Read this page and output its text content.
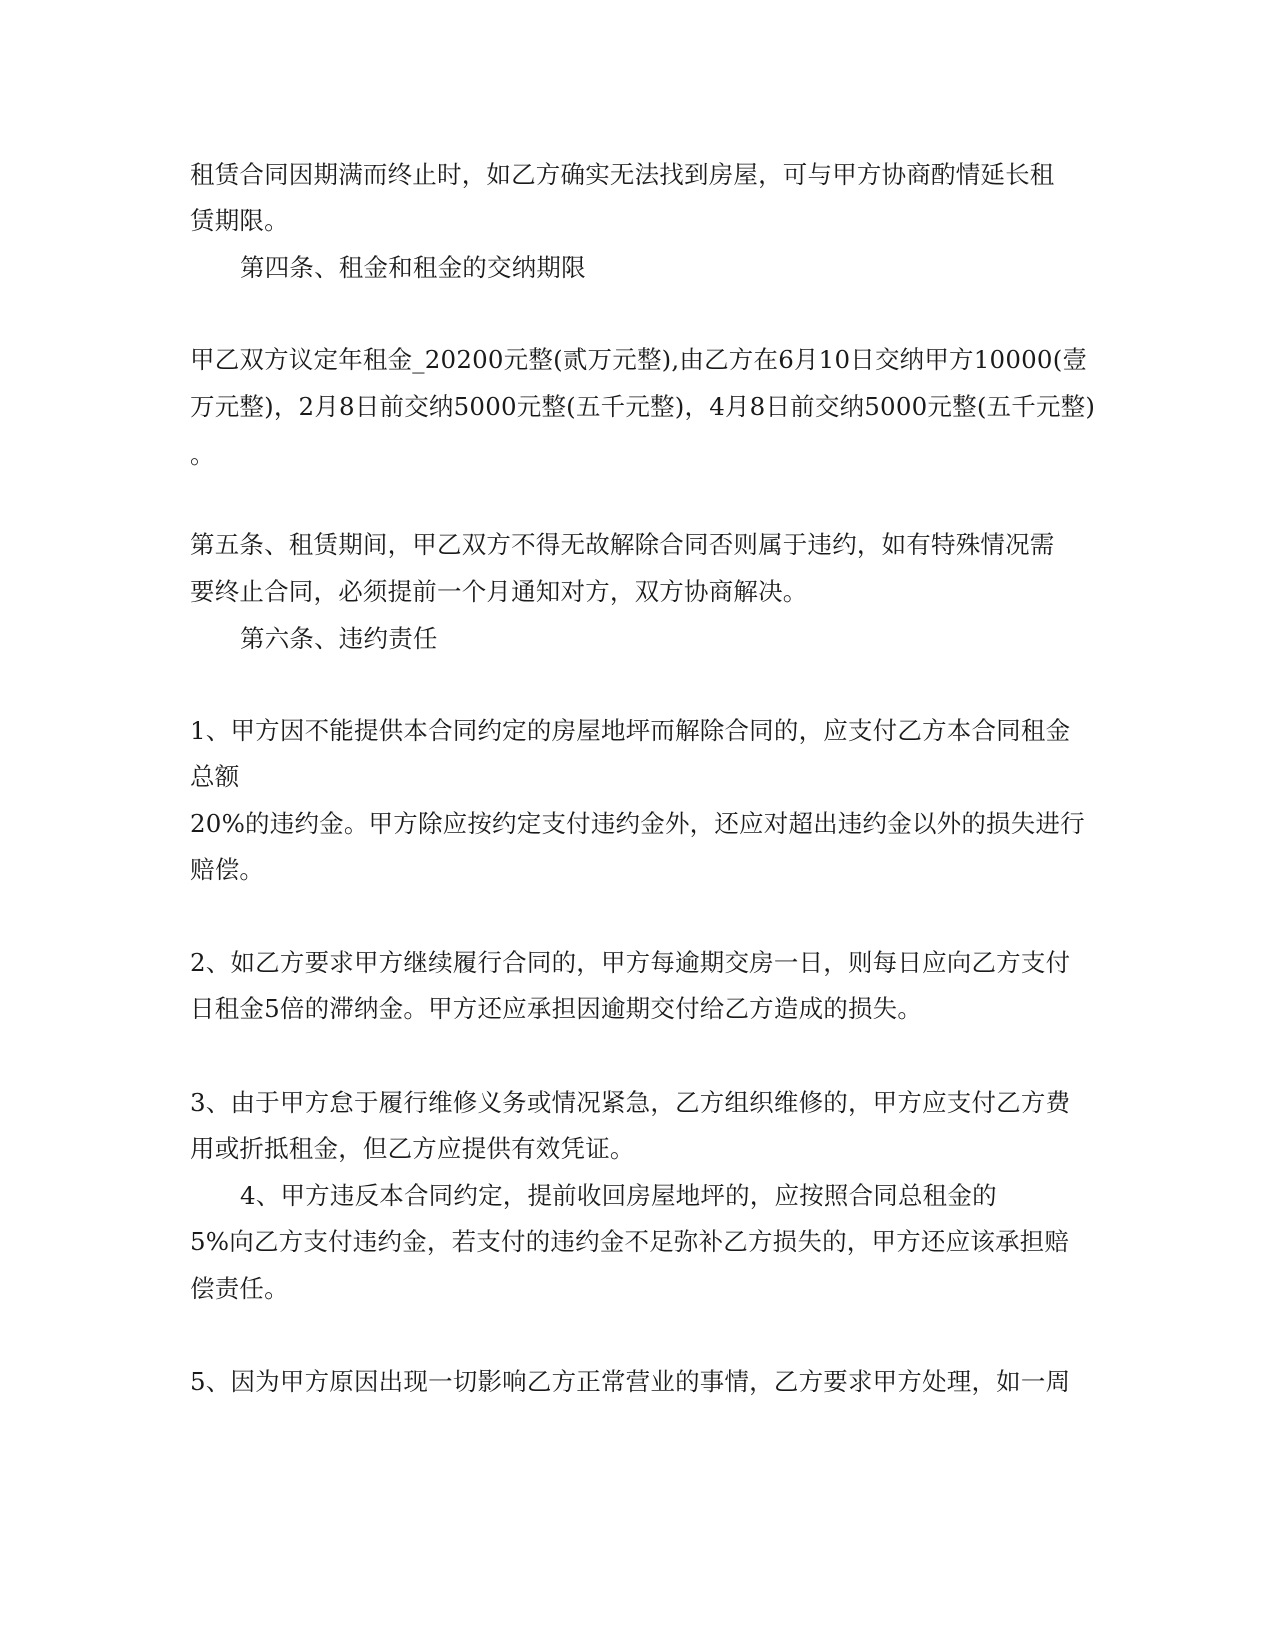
租赁合同因期满而终止时，如乙方确实无法找到房屋，可与甲方协商酌情延长租
赁期限。
第四条、租金和租金的交纳期限
甲乙双方议定年租金_20200元整(贰万元整),由乙方在6月10日交纳甲方10000(壹
万元整)，2月8日前交纳5000元整(五千元整)，4月8日前交纳5000元整(五千元整)
。
第五条、租赁期间，甲乙双方不得无故解除合同否则属于违约，如有特殊情况需
要终止合同，必须提前一个月通知对方，双方协商解决。
第六条、违约责任
1、甲方因不能提供本合同约定的房屋地坪而解除合同的，应支付乙方本合同租金
总额
20%的违约金。甲方除应按约定支付违约金外，还应对超出违约金以外的损失进行
赔偿。
2、如乙方要求甲方继续履行合同的，甲方每逾期交房一日，则每日应向乙方支付
日租金5倍的滞纳金。甲方还应承担因逾期交付给乙方造成的损失。
3、由于甲方怠于履行维修义务或情况紧急，乙方组织维修的，甲方应支付乙方费
用或折抵租金，但乙方应提供有效凭证。
4、甲方违反本合同约定，提前收回房屋地坪的，应按照合同总租金的
5%向乙方支付违约金，若支付的违约金不足弥补乙方损失的，甲方还应该承担赔
偿责任。
5、因为甲方原因出现一切影响乙方正常营业的事情，乙方要求甲方处理，如一周
